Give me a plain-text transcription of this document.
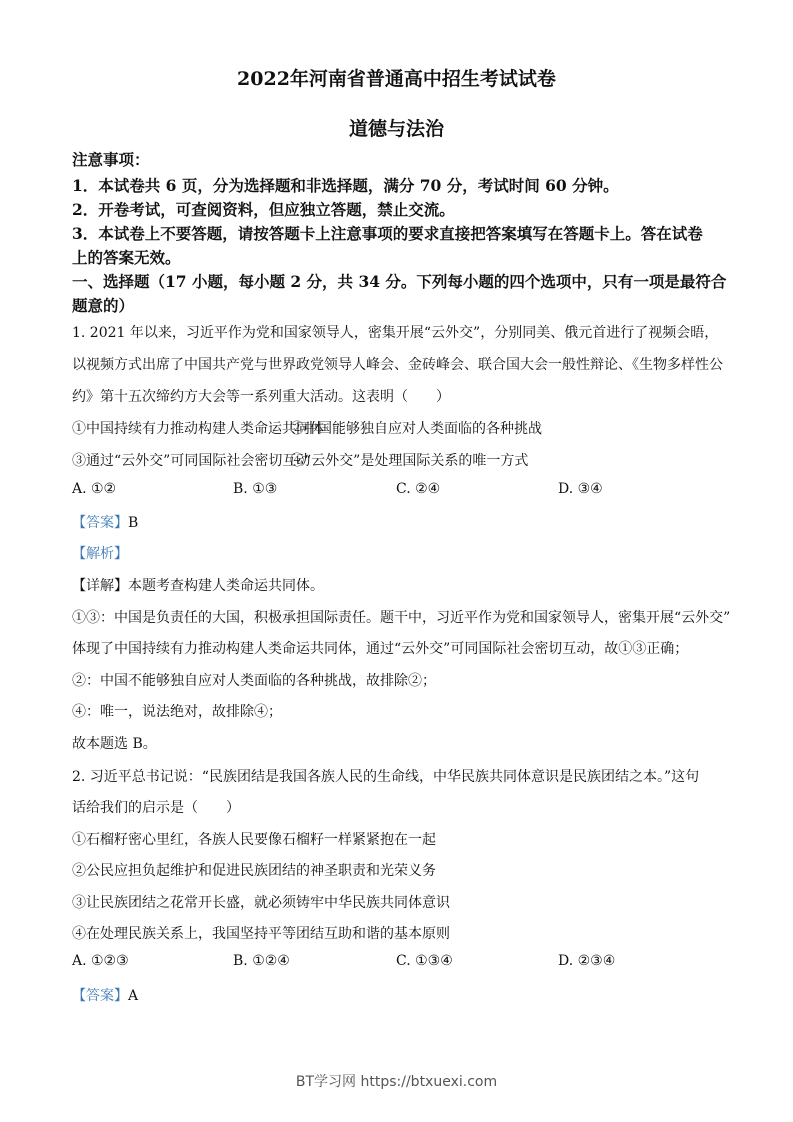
2022年河南省普通高中招生考试试卷
道德与法治
注意事项：
1．本试卷共 6 页，分为选择题和非选择题，满分 70 分，考试时间 60 分钟。
2．开卷考试，可查阅资料，但应独立答题，禁止交流。
3．本试卷上不要答题，请按答题卡上注意事项的要求直接把答案填写在答题卡上。答在试卷
上的答案无效。
一、选择题（17 小题，每小题 2 分，共 34 分。下列每小题的四个选项中，只有一项是最符合
题意的）
1. 2021 年以来，习近平作为党和国家领导人，密集开展“云外交”，分别同美、俄元首进行了视频会晤，
以视频方式出席了中国共产党与世界政党领导人峰会、金砖峰会、联合国大会一般性辩论、《生物多样性公
约》第十五次缔约方大会等一系列重大活动。这表明（　　）
①中国持续有力推动构建人类命运共同体
②中国能够独自应对人类面临的各种挑战
③通过“云外交”可同国际社会密切互动
④“云外交”是处理国际关系的唯一方式
A. ①②	B. ①③	C. ②④	D. ③④
【答案】B
【解析】
【详解】本题考查构建人类命运共同体。
①③：中国是负责任的大国，积极承担国际责任。题干中，习近平作为党和国家领导人，密集开展“云外交”
体现了中国持续有力推动构建人类命运共同体，通过“云外交”可同国际社会密切互动，故①③正确；
②：中国不能够独自应对人类面临的各种挑战，故排除②；
④：唯一，说法绝对，故排除④；
故本题选 B。
2. 习近平总书记说：“民族团结是我国各族人民的生命线，中华民族共同体意识是民族团结之本。”这句
话给我们的启示是（　　）
①石榴籽密心里红，各族人民要像石榴籽一样紧紧抱在一起
②公民应担负起维护和促进民族团结的神圣职责和光荣义务
③让民族团结之花常开长盛，就必须铸牢中华民族共同体意识
④在处理民族关系上，我国坚持平等团结互助和谐的基本原则
A. ①②③	B. ①②④	C. ①③④	D. ②③④
【答案】A
BT学习网 https://btxuexi.com
